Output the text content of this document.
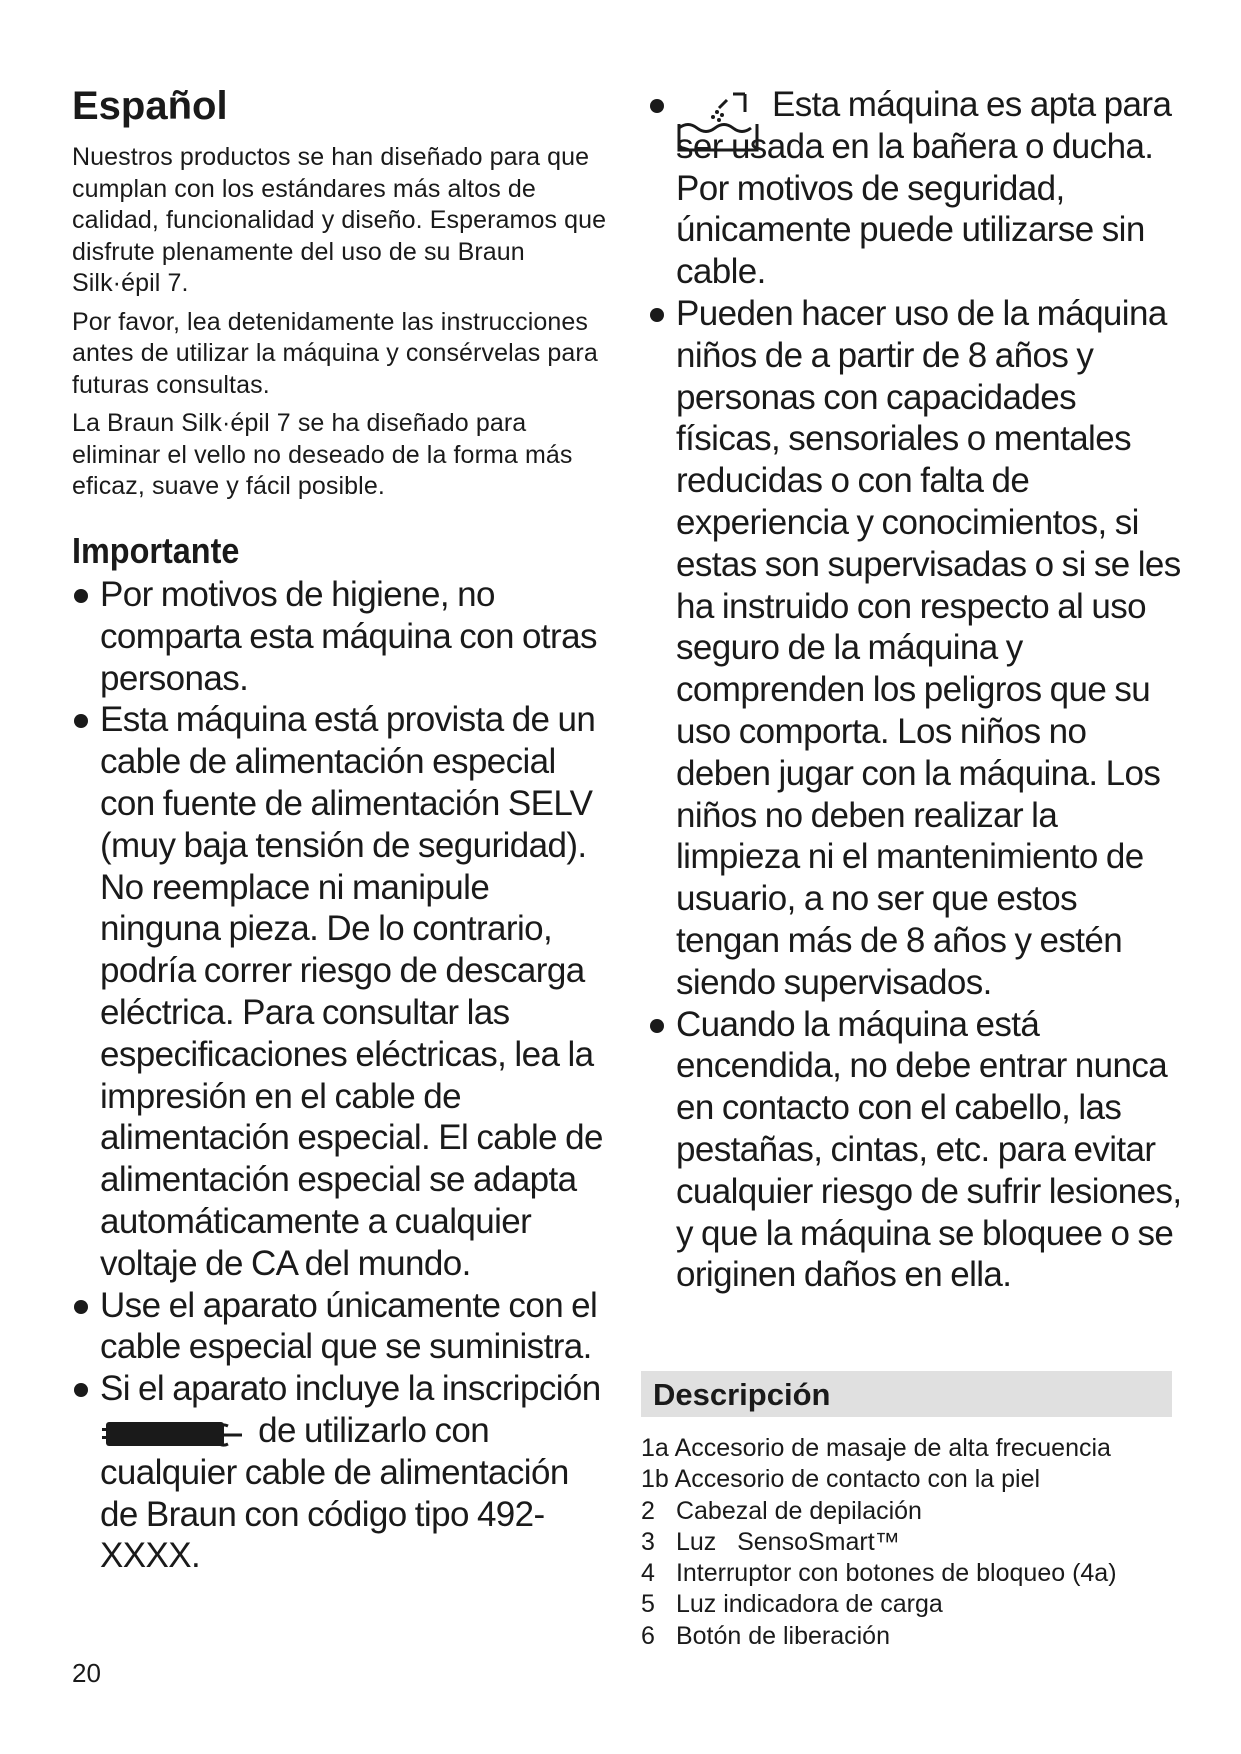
Español

Nuestros productos se han diseñado para que cumplan con los estándares más altos de calidad, funcionalidad y diseño. Esperamos que disfrute plenamente del uso de su Braun Silk·épil 7.

Por favor, lea detenidamente las instrucciones antes de utilizar la máquina y consérvelas para futuras consultas.

La Braun Silk·épil 7 se ha diseñado para eliminar el vello no deseado de la forma más eficaz, suave y fácil posible.

Importante
Por motivos de higiene, no comparta esta máquina con otras personas.
Esta máquina está provista de un cable de alimentación especial con fuente de alimentación SELV (muy baja tensión de seguridad). No reemplace ni manipule ninguna pieza. De lo contrario, podría correr riesgo de descarga eléctrica. Para consultar las especificaciones eléctricas, lea la impresión en el cable de alimentación especial. El cable de alimentación especial se adapta automáticamente a cualquier voltaje de CA del mundo.
Use el aparato únicamente con el cable especial que se suministra.
Si el aparato incluye la inscripción  de utilizarlo con cualquier cable de alimentación de Braun con código tipo 492-XXXX.
Esta máquina es apta para ser usada en la bañera o ducha. Por motivos de seguridad, únicamente puede utilizarse sin cable.
Pueden hacer uso de la máquina niños de a partir de 8 años y personas con capacidades físicas, sensoriales o mentales reducidas o con falta de experiencia y conocimientos, si estas son supervisadas o si se les ha instruido con respecto al uso seguro de la máquina y comprenden los peligros que su uso comporta. Los niños no deben jugar con la máquina. Los niños no deben realizar la limpieza ni el mantenimiento de usuario, a no ser que estos tengan más de 8 años y estén siendo supervisados.
Cuando la máquina está encendida, no debe entrar nunca en contacto con el cabello, las pestañas, cintas, etc. para evitar cualquier riesgo de sufrir lesiones, y que la máquina se bloquee o se originen daños en ella.
Descripción
1a Accesorio de masaje de alta frecuencia
1b Accesorio de contacto con la piel
2 Cabezal de depilación
3 Luz   SensoSmart™
4 Interruptor con botones de bloqueo (4a)
5 Luz indicadora de carga
6 Botón de liberación
20
